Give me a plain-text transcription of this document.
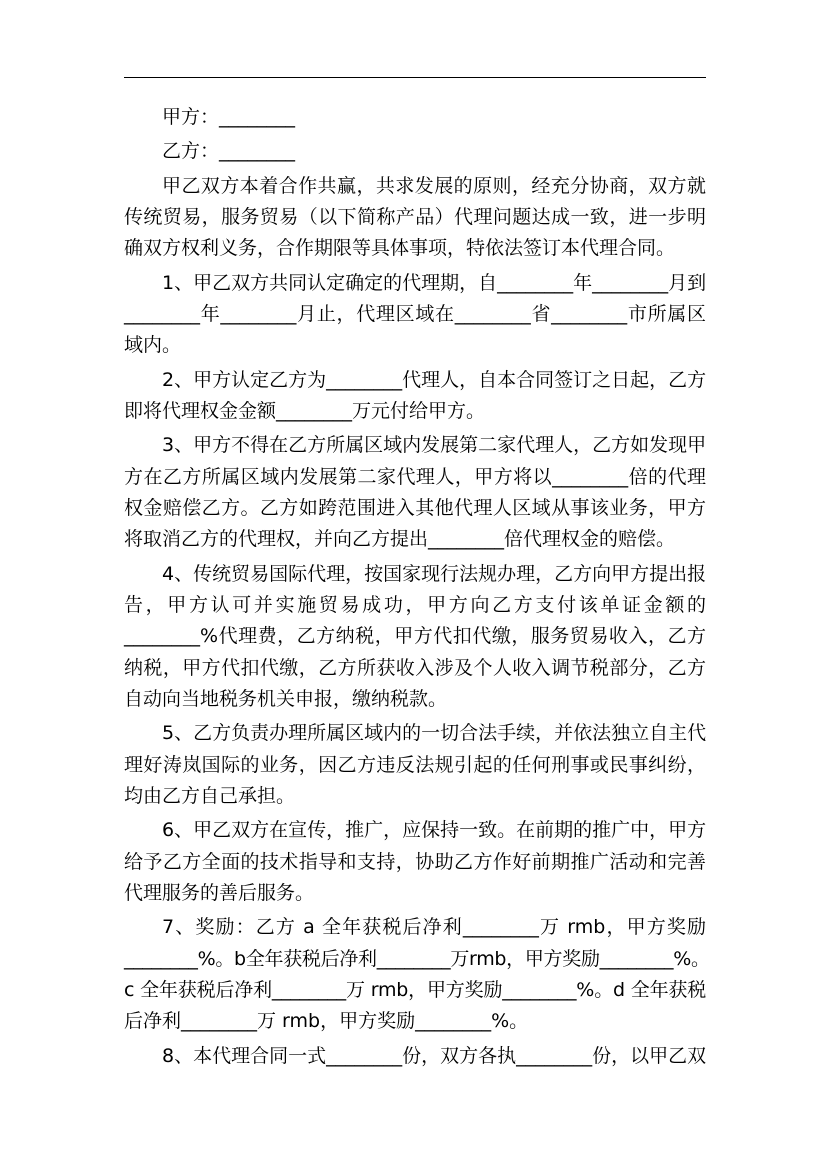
甲方：________
乙方：________
甲乙双方本着合作共赢，共求发展的原则，经充分协商，双方就
传统贸易，服务贸易（以下简称产品）代理问题达成一致，进一步明
确双方权利义务，合作期限等具体事项，特依法签订本代理合同。
1、甲乙双方共同认定确定的代理期，自________年________月到
________年________月止，代理区域在________省________市所属区
域内。
2、甲方认定乙方为________代理人，自本合同签订之日起，乙方
即将代理权金金额________万元付给甲方。
3、甲方不得在乙方所属区域内发展第二家代理人，乙方如发现甲
方在乙方所属区域内发展第二家代理人，甲方将以________倍的代理
权金赔偿乙方。乙方如跨范围进入其他代理人区域从事该业务，甲方
将取消乙方的代理权，并向乙方提出________倍代理权金的赔偿。
4、传统贸易国际代理，按国家现行法规办理，乙方向甲方提出报
告，甲方认可并实施贸易成功，甲方向乙方支付该单证金额的
________%代理费，乙方纳税，甲方代扣代缴，服务贸易收入，乙方
纳税，甲方代扣代缴，乙方所获收入涉及个人收入调节税部分，乙方
自动向当地税务机关申报，缴纳税款。
5、乙方负责办理所属区域内的一切合法手续，并依法独立自主代
理好涛岚国际的业务，因乙方违反法规引起的任何刑事或民事纠纷，
均由乙方自己承担。
6、甲乙双方在宣传，推广，应保持一致。在前期的推广中，甲方
给予乙方全面的技术指导和支持，协助乙方作好前期推广活动和完善
代理服务的善后服务。
7、奖励：乙方 a 全年获税后净利________万 rmb，甲方奖励
________%。b全年获税后净利________万rmb，甲方奖励________%。
c 全年获税后净利________万 rmb，甲方奖励________%。d 全年获税
后净利________万 rmb，甲方奖励________%。
8、本代理合同一式________份，双方各执________份，以甲乙双
